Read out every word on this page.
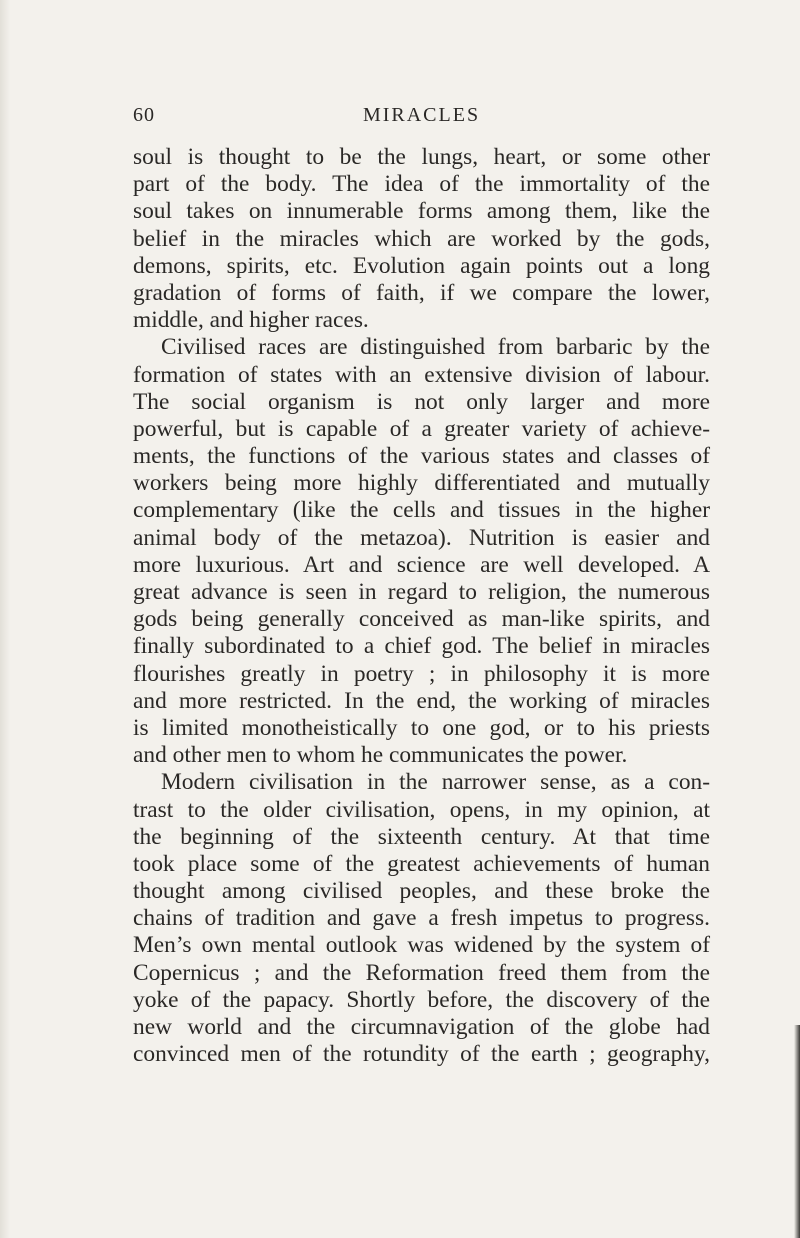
60	MIRACLES
soul is thought to be the lungs, heart, or some other
part of the body. The idea of the immortality of the
soul takes on innumerable forms among them, like the
belief in the miracles which are worked by the gods,
demons, spirits, etc. Evolution again points out a long
gradation of forms of faith, if we compare the lower,
middle, and higher races.
Civilised races are distinguished from barbaric by the
formation of states with an extensive division of labour.
The social organism is not only larger and more
powerful, but is capable of a greater variety of achieve-
ments, the functions of the various states and classes of
workers being more highly differentiated and mutually
complementary (like the cells and tissues in the higher
animal body of the metazoa). Nutrition is easier and
more luxurious. Art and science are well developed. A
great advance is seen in regard to religion, the numerous
gods being generally conceived as man-like spirits, and
finally subordinated to a chief god. The belief in miracles
flourishes greatly in poetry ; in philosophy it is more
and more restricted. In the end, the working of miracles
is limited monotheistically to one god, or to his priests
and other men to whom he communicates the power.
Modern civilisation in the narrower sense, as a con-
trast to the older civilisation, opens, in my opinion, at
the beginning of the sixteenth century. At that time
took place some of the greatest achievements of human
thought among civilised peoples, and these broke the
chains of tradition and gave a fresh impetus to progress.
Men’s own mental outlook was widened by the system of
Copernicus ; and the Reformation freed them from the
yoke of the papacy. Shortly before, the discovery of the
new world and the circumnavigation of the globe had
convinced men of the rotundity of the earth ; geography,
